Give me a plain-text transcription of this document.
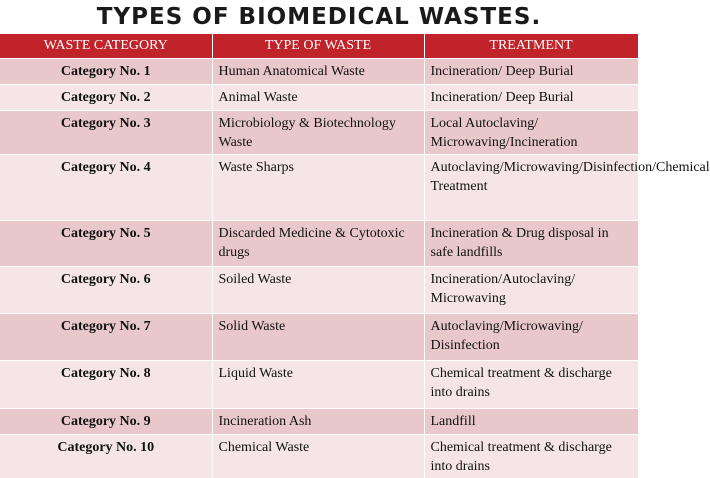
TYPES OF BIOMEDICAL WASTES.
WASTE CATEGORY	TYPE OF WASTE	TREATMENT
Category No. 1	Human Anatomical Waste	Incineration/ Deep Burial
Category No. 2	Animal Waste	Incineration/ Deep Burial
Category No. 3	Microbiology & Biotechnology Waste	Local Autoclaving/ Microwaving/Incineration
Category No. 4	Waste Sharps	Autoclaving/Microwaving/Disinfection/Chemical Treatment
Category No. 5	Discarded Medicine & Cytotoxic drugs	Incineration & Drug disposal in safe landfills
Category No. 6	Soiled Waste	Incineration/Autoclaving/ Microwaving
Category No. 7	Solid Waste	Autoclaving/Microwaving/ Disinfection
Category No. 8	Liquid Waste	Chemical treatment & discharge into drains
Category No. 9	Incineration Ash	Landfill
Category No. 10	Chemical Waste	Chemical treatment & discharge into drains
